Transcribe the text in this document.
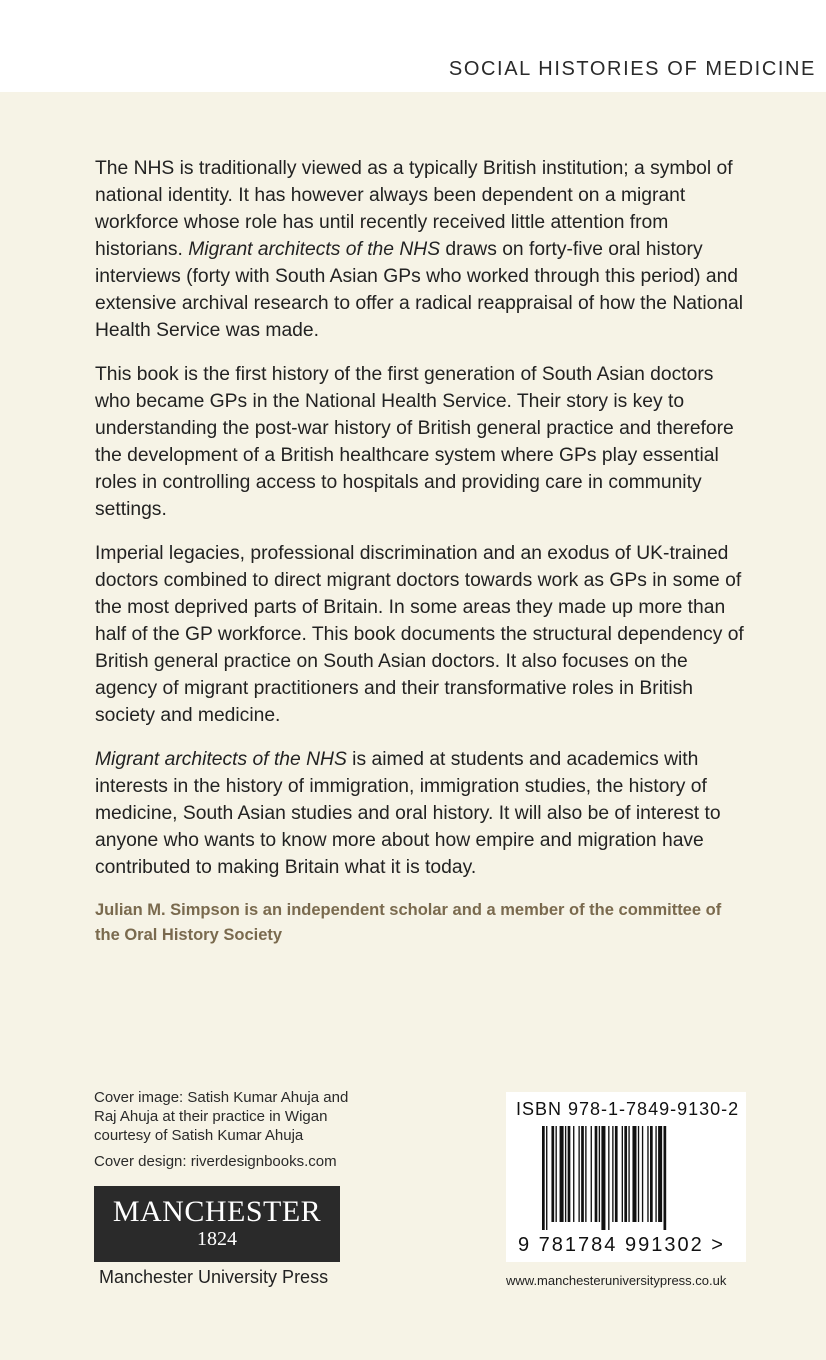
SOCIAL HISTORIES OF MEDICINE

The NHS is traditionally viewed as a typically British institution; a symbol of national identity. It has however always been dependent on a migrant workforce whose role has until recently received little attention from historians. Migrant architects of the NHS draws on forty-five oral history interviews (forty with South Asian GPs who worked through this period) and extensive archival research to offer a radical reappraisal of how the National Health Service was made.

This book is the first history of the first generation of South Asian doctors who became GPs in the National Health Service. Their story is key to understanding the post-war history of British general practice and therefore the development of a British healthcare system where GPs play essential roles in controlling access to hospitals and providing care in community settings.

Imperial legacies, professional discrimination and an exodus of UK-trained doctors combined to direct migrant doctors towards work as GPs in some of the most deprived parts of Britain. In some areas they made up more than half of the GP workforce. This book documents the structural dependency of British general practice on South Asian doctors. It also focuses on the agency of migrant practitioners and their transformative roles in British society and medicine.

Migrant architects of the NHS is aimed at students and academics with interests in the history of immigration, immigration studies, the history of medicine, South Asian studies and oral history. It will also be of interest to anyone who wants to know more about how empire and migration have contributed to making Britain what it is today.

Julian M. Simpson is an independent scholar and a member of the committee of the Oral History Society

Cover image: Satish Kumar Ahuja and
Raj Ahuja at their practice in Wigan
courtesy of Satish Kumar Ahuja
Cover design: riverdesignbooks.com
MANCHESTER
1824
Manchester University Press
ISBN 978-1-7849-9130-2
9 781784 991302 >
www.manchesteruniversitypress.co.uk
